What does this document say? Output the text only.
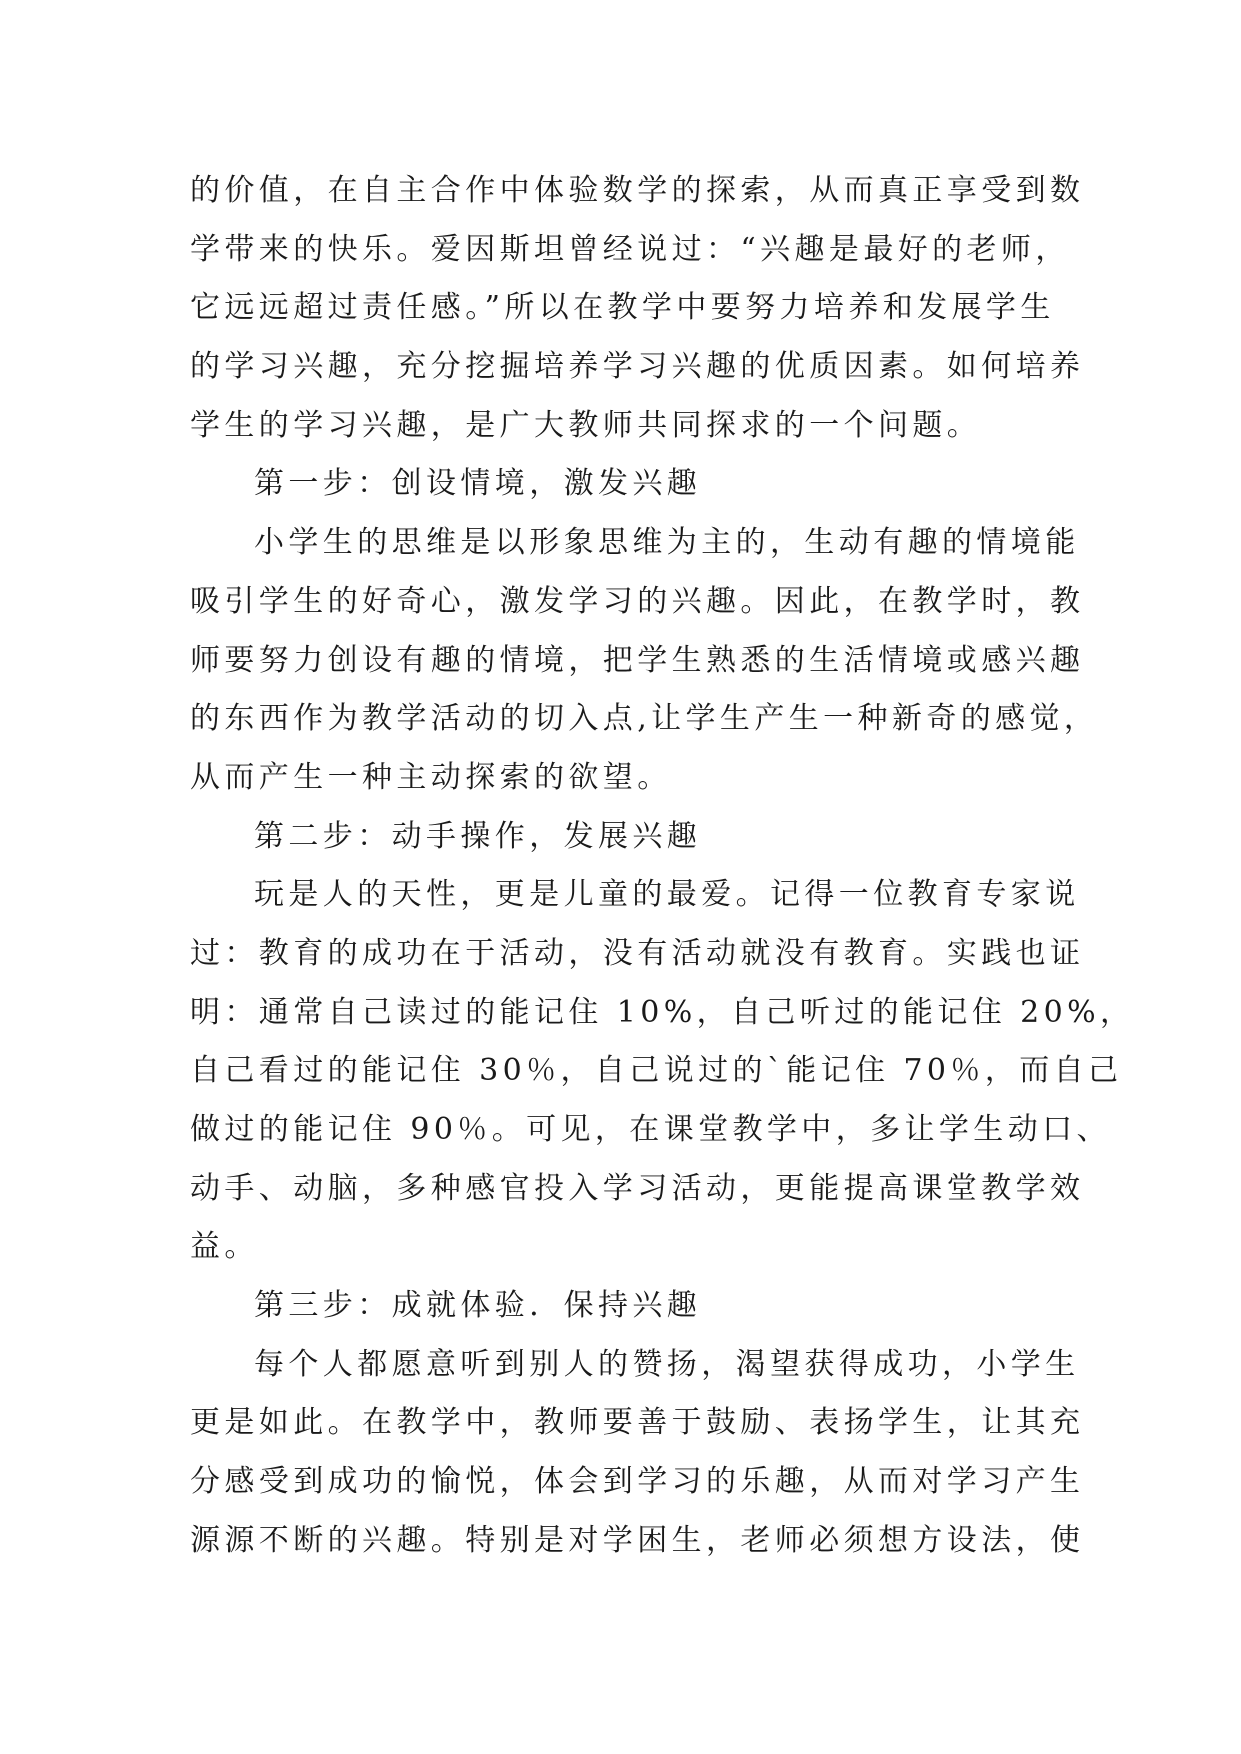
的价值，在自主合作中体验数学的探索，从而真正享受到数
学带来的快乐。爱因斯坦曾经说过：“兴趣是最好的老师，
它远远超过责任感。”所以在教学中要努力培养和发展学生
的学习兴趣，充分挖掘培养学习兴趣的优质因素。如何培养
学生的学习兴趣，是广大教师共同探求的一个问题。
第一步：创设情境，激发兴趣
小学生的思维是以形象思维为主的，生动有趣的情境能
吸引学生的好奇心，激发学习的兴趣。因此，在教学时，教
师要努力创设有趣的情境，把学生熟悉的生活情境或感兴趣
的东西作为教学活动的切入点,让学生产生一种新奇的感觉，
从而产生一种主动探索的欲望。
第二步：动手操作，发展兴趣
玩是人的天性，更是儿童的最爱。记得一位教育专家说
过：教育的成功在于活动，没有活动就没有教育。实践也证
明：通常自己读过的能记住 10%，自己听过的能记住 20%，
自己看过的能记住 30％，自己说过的`能记住 70％，而自己
做过的能记住 90％。可见，在课堂教学中，多让学生动口、
动手、动脑，多种感官投入学习活动，更能提高课堂教学效
益。
第三步：成就体验．保持兴趣
每个人都愿意听到别人的赞扬，渴望获得成功，小学生
更是如此。在教学中，教师要善于鼓励、表扬学生，让其充
分感受到成功的愉悦，体会到学习的乐趣，从而对学习产生
源源不断的兴趣。特别是对学困生，老师必须想方设法，使
